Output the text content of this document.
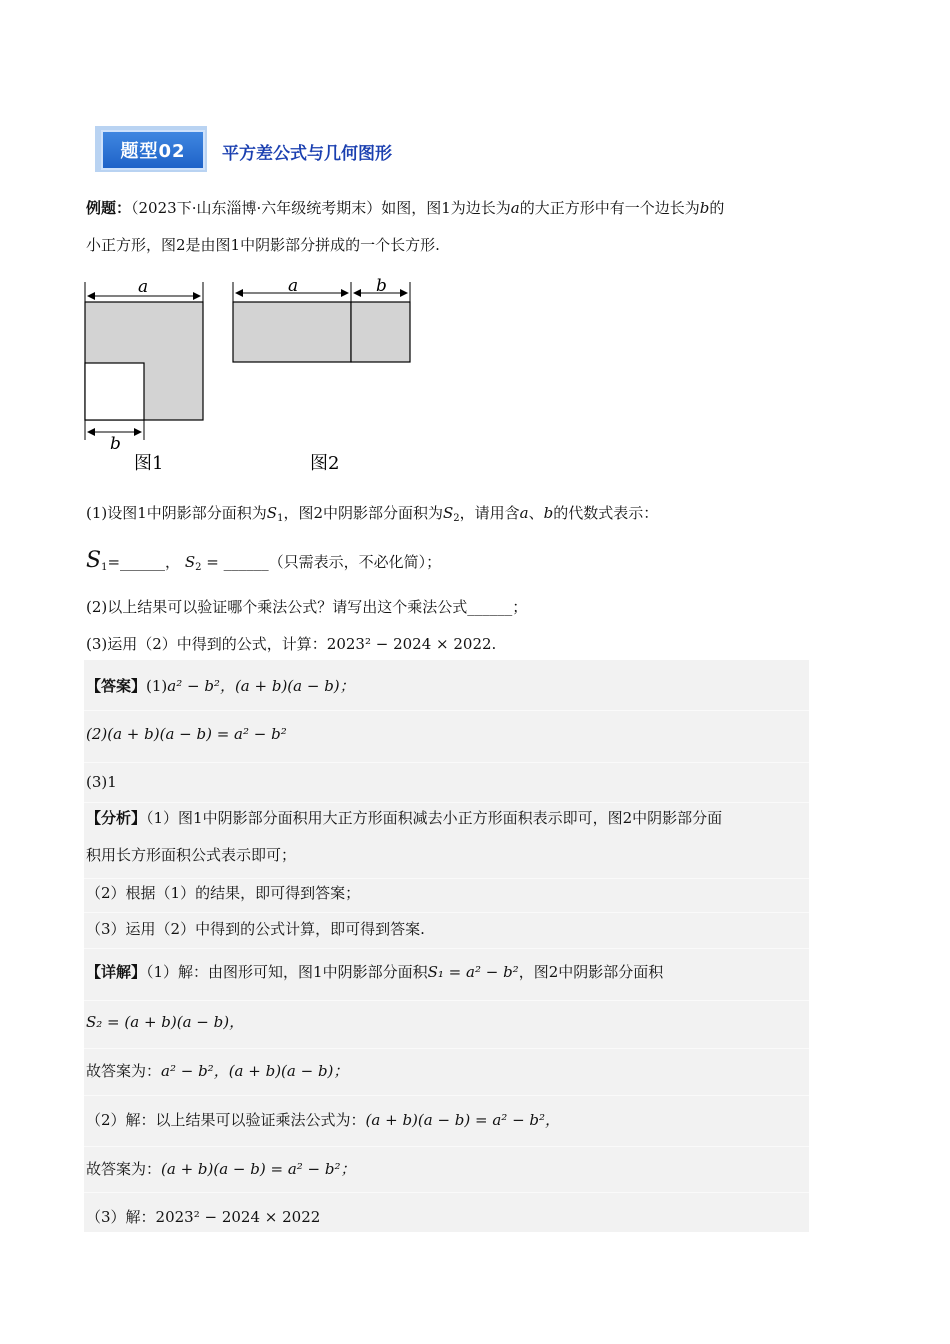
题型02	平方差公式与几何图形
例题：（2023下·山东淄博·六年级统考期末）如图，图1为边长为a的大正方形中有一个边长为b的
小正方形，图2是由图1中阴影部分拼成的一个长方形.
a
b
a	b
图1	图2
(1)设图1中阴影部分面积为$S_1$，图2中阴影部分面积为$S_2$，请用含a、b的代数式表示：
$S_1=\_\_\_\_\_\_$， $S_2$ = ______（只需表示，不必化简）；
(2)以上结果可以验证哪个乘法公式？请写出这个乘法公式______；
(3)运用（2）中得到的公式，计算：2023² − 2024 × 2022.
【答案】(1)a² − b²，(a + b)(a − b)；
(2)(a + b)(a − b) = a² − b²
(3)1
【分析】（1）图1中阴影部分面积用大正方形面积减去小正方形面积表示即可，图2中阴影部分面
积用长方形面积公式表示即可；
（2）根据（1）的结果，即可得到答案；
（3）运用（2）中得到的公式计算，即可得到答案.
【详解】（1）解：由图形可知，图1中阴影部分面积S₁ = a² − b²，图2中阴影部分面积
S₂ = (a + b)(a − b)，
故答案为：a² − b²，(a + b)(a − b)；
（2）解：以上结果可以验证乘法公式为：(a + b)(a − b) = a² − b²，
故答案为：(a + b)(a − b) = a² − b²；
（3）解：2023² − 2024 × 2022
